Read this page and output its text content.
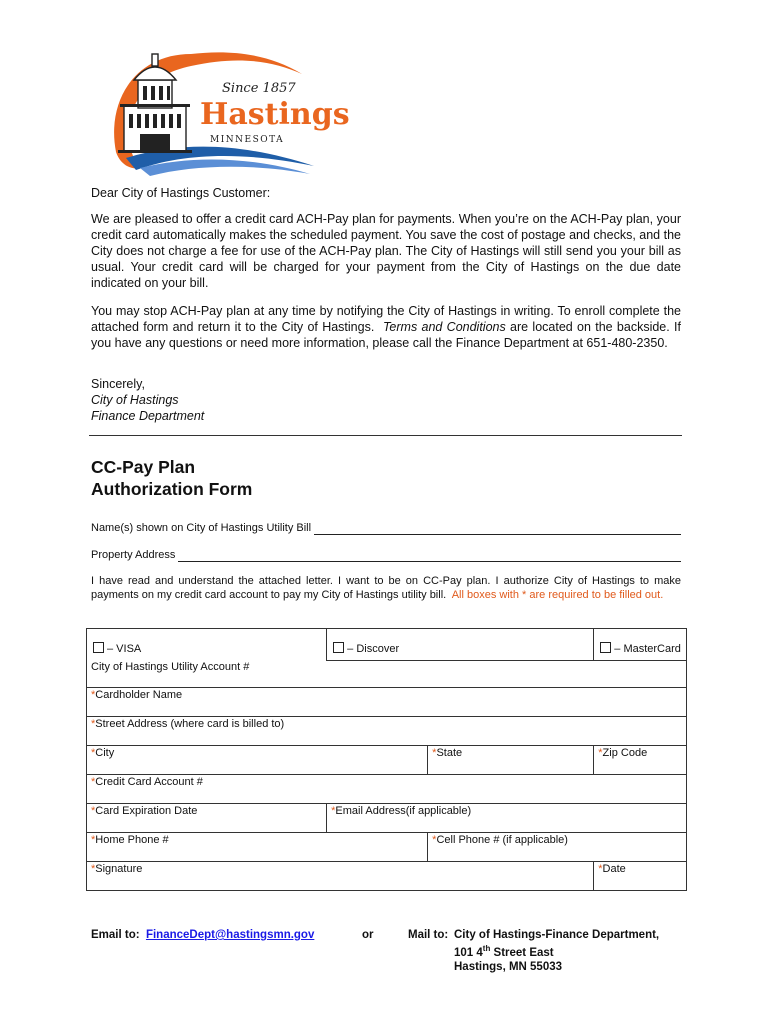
Since 1857
Hastings
MINNESOTA
Dear City of Hastings Customer:
We are pleased to offer a credit card ACH-Pay plan for payments. When you’re on the ACH-Pay plan, your credit card automatically makes the scheduled payment. You save the cost of postage and checks, and the City does not charge a fee for use of the ACH-Pay plan. The City of Hastings will still send you your bill as usual. Your credit card will be charged for your payment from the City of Hastings on the due date indicated on your bill.
You may stop ACH-Pay plan at any time by notifying the City of Hastings in writing. To enroll complete the attached form and return it to the City of Hastings. Terms and Conditions are located on the backside. If you have any questions or need more information, please call the Finance Department at 651-480-2350.
Sincerely,
City of Hastings
Finance Department
CC-Pay Plan
Authorization Form
Name(s) shown on City of Hastings Utility Bill
Property Address
I have read and understand the attached letter. I want to be on CC-Pay plan. I authorize City of Hastings to make payments on my credit card account to pay my City of Hastings utility bill. All boxes with * are required to be filled out.
– VISA	– Discover		– MasterCard
City of Hastings Utility Account #			
*Cardholder Name			
*Street Address (where card is billed to)			
*City		*State	*Zip Code
*Credit Card Account #			
*Card Expiration Date	*Email Address(if applicable)		
*Home Phone #		*Cell Phone # (if applicable)	
*Signature			*Date
Email to: FinanceDept@hastingsmn.gov	or	Mail to: City of Hastings-Finance Department,
101 4th Street East
Hastings, MN 55033
